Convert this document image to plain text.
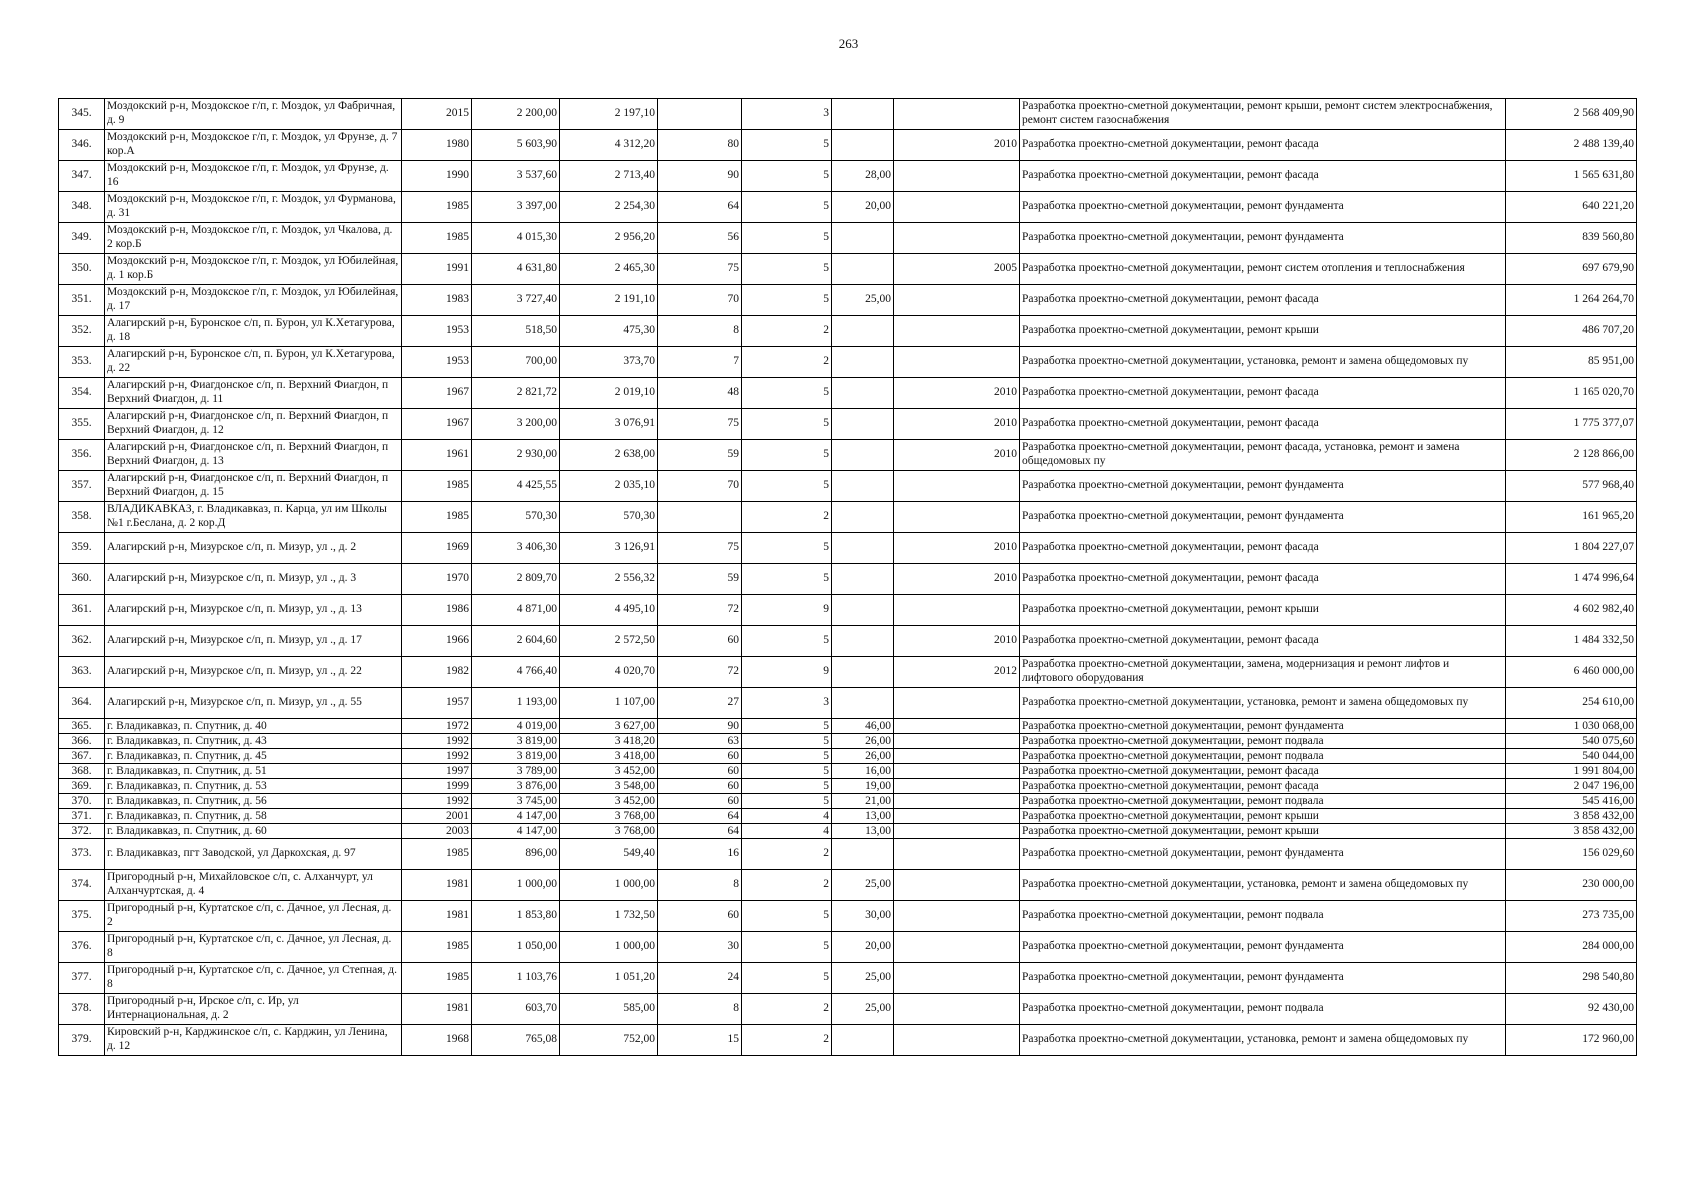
263
345.	Моздокский р-н, Моздокское г/п, г. Моздок, ул Фабричная, д. 9	2015	2 200,00	2 197,10		3			Разработка проектно-сметной документации, ремонт крыши, ремонт систем электроснабжения, ремонт систем газоснабжения	2 568 409,90
346.	Моздокский р-н, Моздокское г/п, г. Моздок, ул Фрунзе, д. 7 кор.А	1980	5 603,90	4 312,20	80	5		2010	Разработка проектно-сметной документации, ремонт фасада	2 488 139,40
347.	Моздокский р-н, Моздокское г/п, г. Моздок, ул Фрунзе, д. 16	1990	3 537,60	2 713,40	90	5	28,00		Разработка проектно-сметной документации, ремонт фасада	1 565 631,80
348.	Моздокский р-н, Моздокское г/п, г. Моздок, ул Фурманова, д. 31	1985	3 397,00	2 254,30	64	5	20,00		Разработка проектно-сметной документации, ремонт фундамента	640 221,20
349.	Моздокский р-н, Моздокское г/п, г. Моздок, ул Чкалова, д. 2 кор.Б	1985	4 015,30	2 956,20	56	5			Разработка проектно-сметной документации, ремонт фундамента	839 560,80
350.	Моздокский р-н, Моздокское г/п, г. Моздок, ул Юбилейная, д. 1 кор.Б	1991	4 631,80	2 465,30	75	5		2005	Разработка проектно-сметной документации, ремонт систем отопления и теплоснабжения	697 679,90
351.	Моздокский р-н, Моздокское г/п, г. Моздок, ул Юбилейная, д. 17	1983	3 727,40	2 191,10	70	5	25,00		Разработка проектно-сметной документации, ремонт фасада	1 264 264,70
352.	Алагирский р-н, Буронское с/п, п. Бурон, ул К.Хетагурова, д. 18	1953	518,50	475,30	8	2			Разработка проектно-сметной документации, ремонт крыши	486 707,20
353.	Алагирский р-н, Буронское с/п, п. Бурон, ул К.Хетагурова, д. 22	1953	700,00	373,70	7	2			Разработка проектно-сметной документации, установка, ремонт и замена общедомовых пу	85 951,00
354.	Алагирский р-н, Фиагдонское с/п, п. Верхний Фиагдон, п Верхний Фиагдон, д. 11	1967	2 821,72	2 019,10	48	5		2010	Разработка проектно-сметной документации, ремонт фасада	1 165 020,70
355.	Алагирский р-н, Фиагдонское с/п, п. Верхний Фиагдон, п Верхний Фиагдон, д. 12	1967	3 200,00	3 076,91	75	5		2010	Разработка проектно-сметной документации, ремонт фасада	1 775 377,07
356.	Алагирский р-н, Фиагдонское с/п, п. Верхний Фиагдон, п Верхний Фиагдон, д. 13	1961	2 930,00	2 638,00	59	5		2010	Разработка проектно-сметной документации, ремонт фасада, установка, ремонт и замена общедомовых пу	2 128 866,00
357.	Алагирский р-н, Фиагдонское с/п, п. Верхний Фиагдон, п Верхний Фиагдон, д. 15	1985	4 425,55	2 035,10	70	5			Разработка проектно-сметной документации, ремонт фундамента	577 968,40
358.	ВЛАДИКАВКАЗ, г. Владикавказ, п. Карца, ул им Школы №1 г.Беслана, д. 2 кор.Д	1985	570,30	570,30		2			Разработка проектно-сметной документации, ремонт фундамента	161 965,20
359.	Алагирский р-н, Мизурское с/п, п. Мизур, ул ., д. 2	1969	3 406,30	3 126,91	75	5		2010	Разработка проектно-сметной документации, ремонт фасада	1 804 227,07
360.	Алагирский р-н, Мизурское с/п, п. Мизур, ул ., д. 3	1970	2 809,70	2 556,32	59	5		2010	Разработка проектно-сметной документации, ремонт фасада	1 474 996,64
361.	Алагирский р-н, Мизурское с/п, п. Мизур, ул ., д. 13	1986	4 871,00	4 495,10	72	9			Разработка проектно-сметной документации, ремонт крыши	4 602 982,40
362.	Алагирский р-н, Мизурское с/п, п. Мизур, ул ., д. 17	1966	2 604,60	2 572,50	60	5		2010	Разработка проектно-сметной документации, ремонт фасада	1 484 332,50
363.	Алагирский р-н, Мизурское с/п, п. Мизур, ул ., д. 22	1982	4 766,40	4 020,70	72	9		2012	Разработка проектно-сметной документации, замена, модернизация и ремонт лифтов и лифтового оборудования	6 460 000,00
364.	Алагирский р-н, Мизурское с/п, п. Мизур, ул ., д. 55	1957	1 193,00	1 107,00	27	3			Разработка проектно-сметной документации, установка, ремонт и замена общедомовых пу	254 610,00
365.	г. Владикавказ, п. Спутник, д. 40	1972	4 019,00	3 627,00	90	5	46,00		Разработка проектно-сметной документации, ремонт фундамента	1 030 068,00
366.	г. Владикавказ, п. Спутник, д. 43	1992	3 819,00	3 418,20	63	5	26,00		Разработка проектно-сметной документации, ремонт подвала	540 075,60
367.	г. Владикавказ, п. Спутник, д. 45	1992	3 819,00	3 418,00	60	5	26,00		Разработка проектно-сметной документации, ремонт подвала	540 044,00
368.	г. Владикавказ, п. Спутник, д. 51	1997	3 789,00	3 452,00	60	5	16,00		Разработка проектно-сметной документации, ремонт фасада	1 991 804,00
369.	г. Владикавказ, п. Спутник, д. 53	1999	3 876,00	3 548,00	60	5	19,00		Разработка проектно-сметной документации, ремонт фасада	2 047 196,00
370.	г. Владикавказ, п. Спутник, д. 56	1992	3 745,00	3 452,00	60	5	21,00		Разработка проектно-сметной документации, ремонт подвала	545 416,00
371.	г. Владикавказ, п. Спутник, д. 58	2001	4 147,00	3 768,00	64	4	13,00		Разработка проектно-сметной документации, ремонт крыши	3 858 432,00
372.	г. Владикавказ, п. Спутник, д. 60	2003	4 147,00	3 768,00	64	4	13,00		Разработка проектно-сметной документации, ремонт крыши	3 858 432,00
373.	г. Владикавказ, пгт Заводской, ул Даркохская, д. 97	1985	896,00	549,40	16	2			Разработка проектно-сметной документации, ремонт фундамента	156 029,60
374.	Пригородный р-н, Михайловское с/п, с. Алханчурт, ул Алханчуртская, д. 4	1981	1 000,00	1 000,00	8	2	25,00		Разработка проектно-сметной документации, установка, ремонт и замена общедомовых пу	230 000,00
375.	Пригородный р-н, Куртатское с/п, с. Дачное, ул Лесная, д. 2	1981	1 853,80	1 732,50	60	5	30,00		Разработка проектно-сметной документации, ремонт подвала	273 735,00
376.	Пригородный р-н, Куртатское с/п, с. Дачное, ул Лесная, д. 8	1985	1 050,00	1 000,00	30	5	20,00		Разработка проектно-сметной документации, ремонт фундамента	284 000,00
377.	Пригородный р-н, Куртатское с/п, с. Дачное, ул Степная, д. 8	1985	1 103,76	1 051,20	24	5	25,00		Разработка проектно-сметной документации, ремонт фундамента	298 540,80
378.	Пригородный р-н, Ирское с/п, с. Ир, ул Интернациональная, д. 2	1981	603,70	585,00	8	2	25,00		Разработка проектно-сметной документации, ремонт подвала	92 430,00
379.	Кировский р-н, Карджинское с/п, с. Карджин, ул Ленина, д. 12	1968	765,08	752,00	15	2			Разработка проектно-сметной документации, установка, ремонт и замена общедомовых пу	172 960,00
